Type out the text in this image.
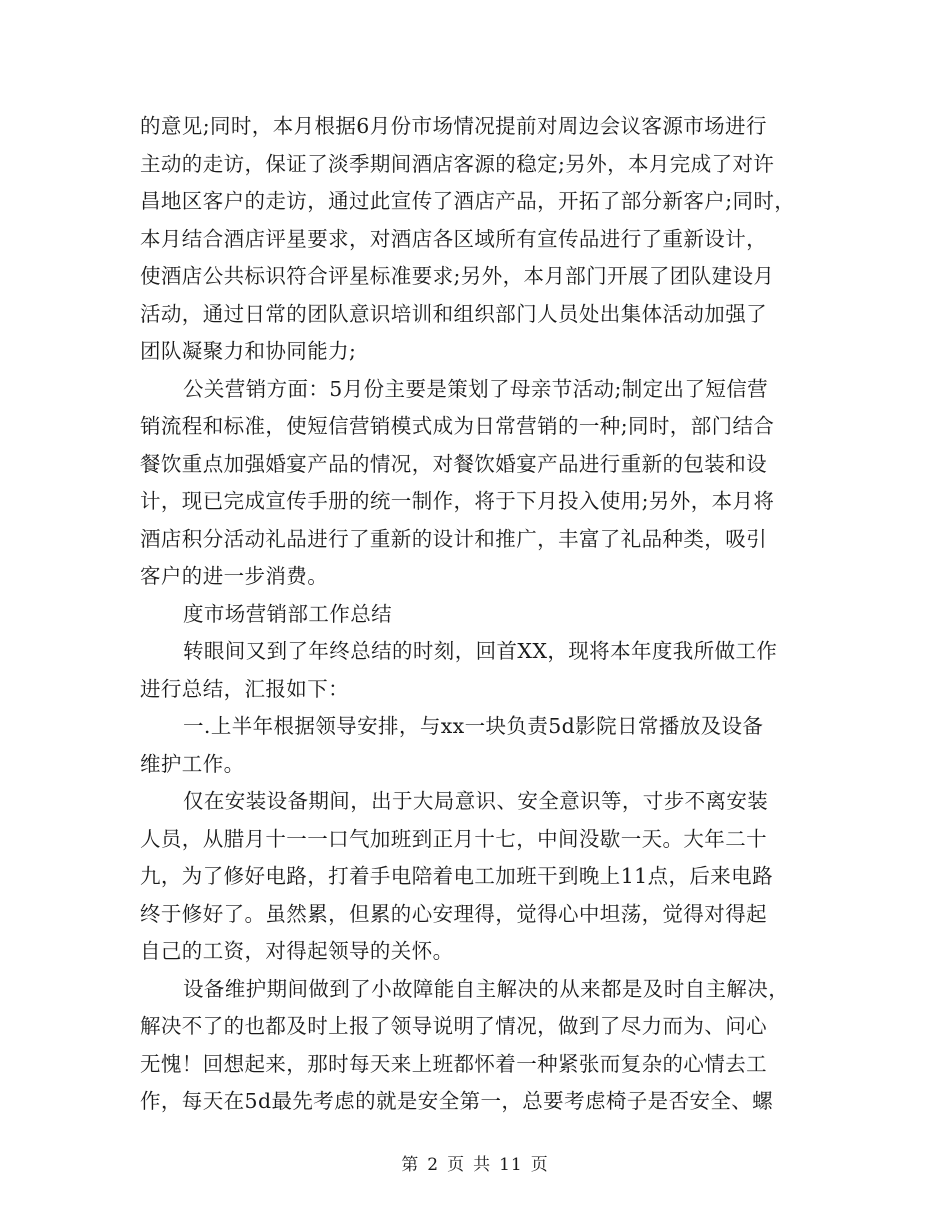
的意见;同时，本月根据6月份市场情况提前对周边会议客源市场进行
主动的走访，保证了淡季期间酒店客源的稳定;另外，本月完成了对许
昌地区客户的走访，通过此宣传了酒店产品，开拓了部分新客户;同时，
本月结合酒店评星要求，对酒店各区域所有宣传品进行了重新设计，
使酒店公共标识符合评星标准要求;另外，本月部门开展了团队建设月
活动，通过日常的团队意识培训和组织部门人员处出集体活动加强了
团队凝聚力和协同能力;
公关营销方面：5月份主要是策划了母亲节活动;制定出了短信营
销流程和标准，使短信营销模式成为日常营销的一种;同时，部门结合
餐饮重点加强婚宴产品的情况，对餐饮婚宴产品进行重新的包装和设
计，现已完成宣传手册的统一制作，将于下月投入使用;另外，本月将
酒店积分活动礼品进行了重新的设计和推广，丰富了礼品种类，吸引
客户的进一步消费。
度市场营销部工作总结
转眼间又到了年终总结的时刻，回首XX，现将本年度我所做工作
进行总结，汇报如下：
一.上半年根据领导安排，与xx一块负责5d影院日常播放及设备
维护工作。
仅在安装设备期间，出于大局意识、安全意识等，寸步不离安装
人员，从腊月十一一口气加班到正月十七，中间没歇一天。大年二十
九，为了修好电路，打着手电陪着电工加班干到晚上11点，后来电路
终于修好了。虽然累，但累的心安理得，觉得心中坦荡，觉得对得起
自己的工资，对得起领导的关怀。
设备维护期间做到了小故障能自主解决的从来都是及时自主解决，
解决不了的也都及时上报了领导说明了情况，做到了尽力而为、问心
无愧！回想起来，那时每天来上班都怀着一种紧张而复杂的心情去工
作，每天在5d最先考虑的就是安全第一，总要考虑椅子是否安全、螺
第 2 页 共 11 页
